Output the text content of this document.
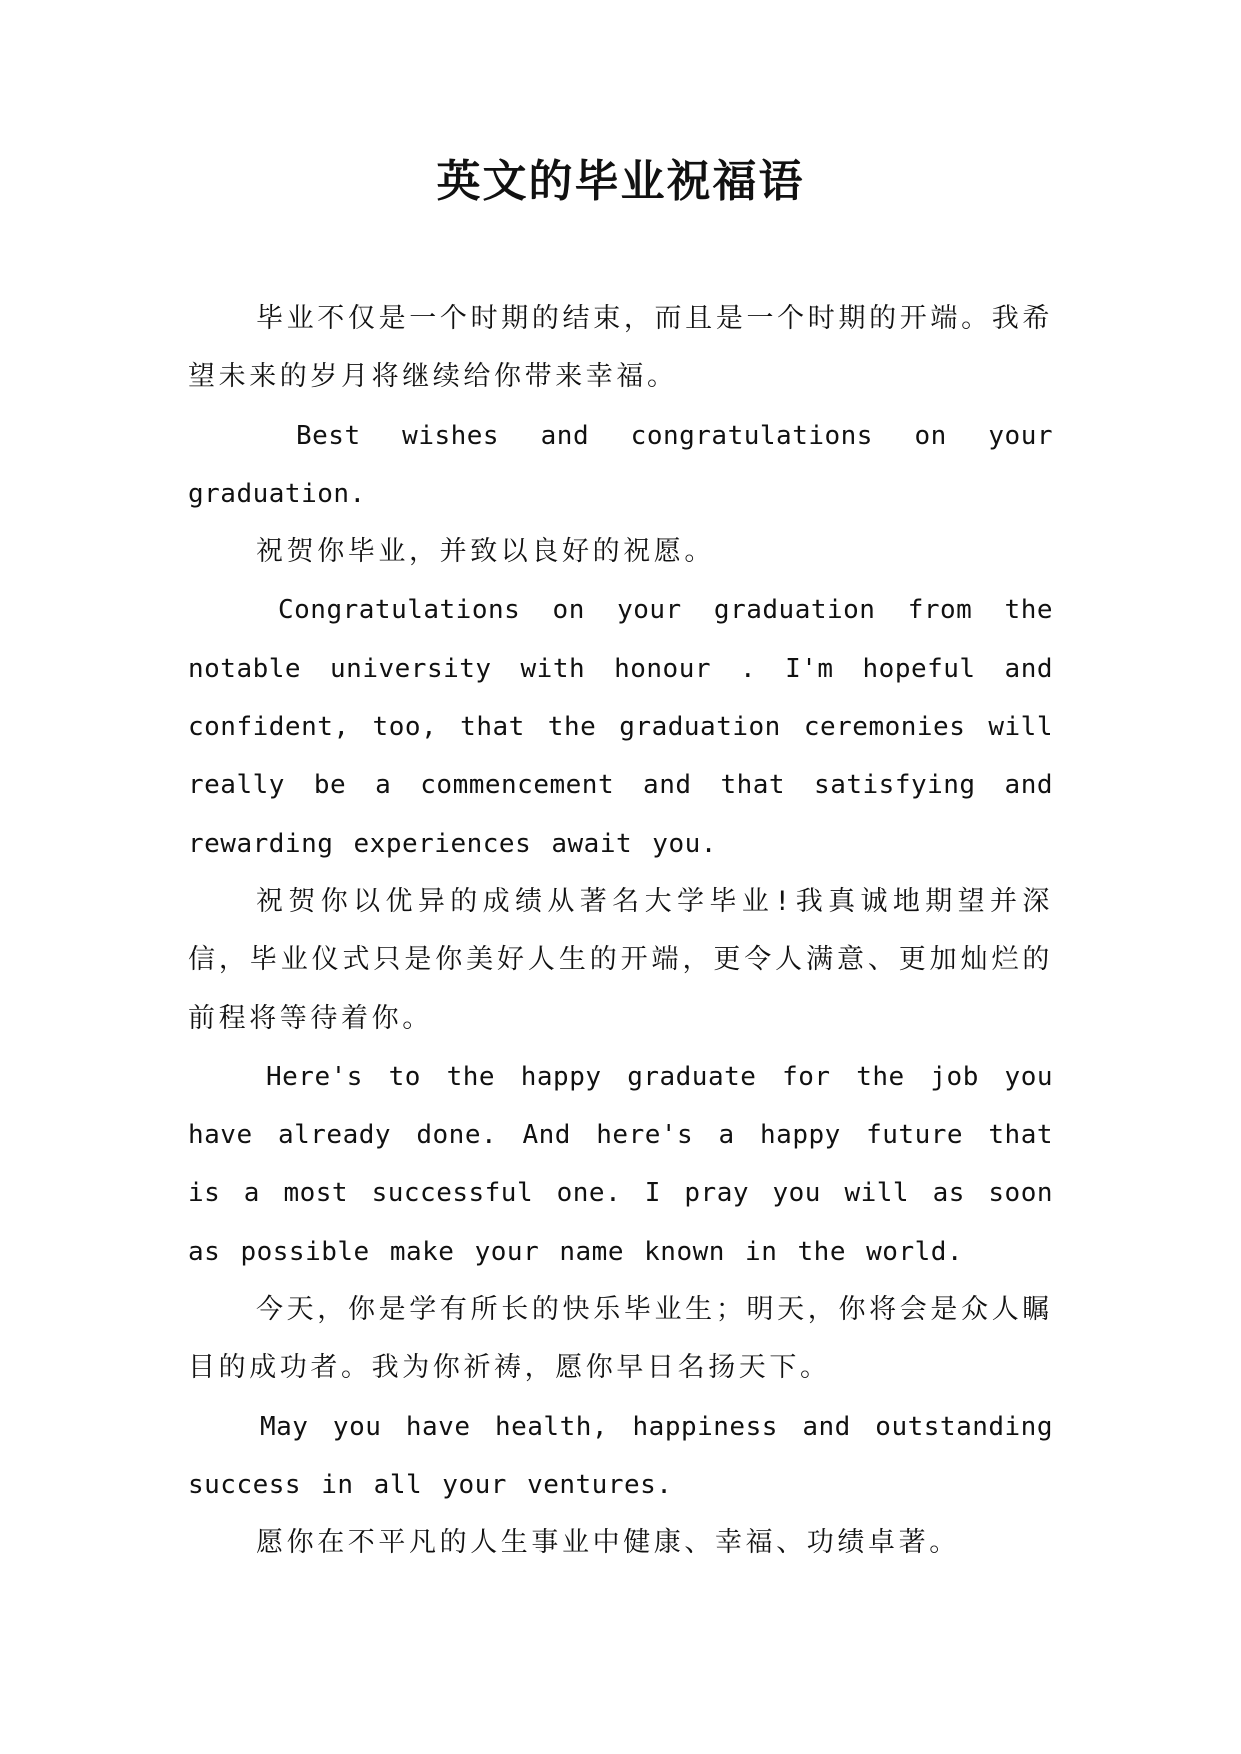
英文的毕业祝福语

毕业不仅是一个时期的结束，而且是一个时期的开端。我希望未来的岁月将继续给你带来幸福。

Best wishes and congratulations on your graduation.

祝贺你毕业，并致以良好的祝愿。

Congratulations on your graduation from the notable university with honour . I'm hopeful and confident, too, that the graduation ceremonies will really be a commencement and that satisfying and rewarding experiences await you.

祝贺你以优异的成绩从著名大学毕业!我真诚地期望并深信，毕业仪式只是你美好人生的开端，更令人满意、更加灿烂的前程将等待着你。

Here's to the happy graduate for the job you have already done. And here's a happy future that is a most successful one. I pray you will as soon as possible make your name known in the world.

今天，你是学有所长的快乐毕业生；明天，你将会是众人瞩目的成功者。我为你祈祷，愿你早日名扬天下。

May you have health, happiness and outstanding success in all your ventures.

愿你在不平凡的人生事业中健康、幸福、功绩卓著。
